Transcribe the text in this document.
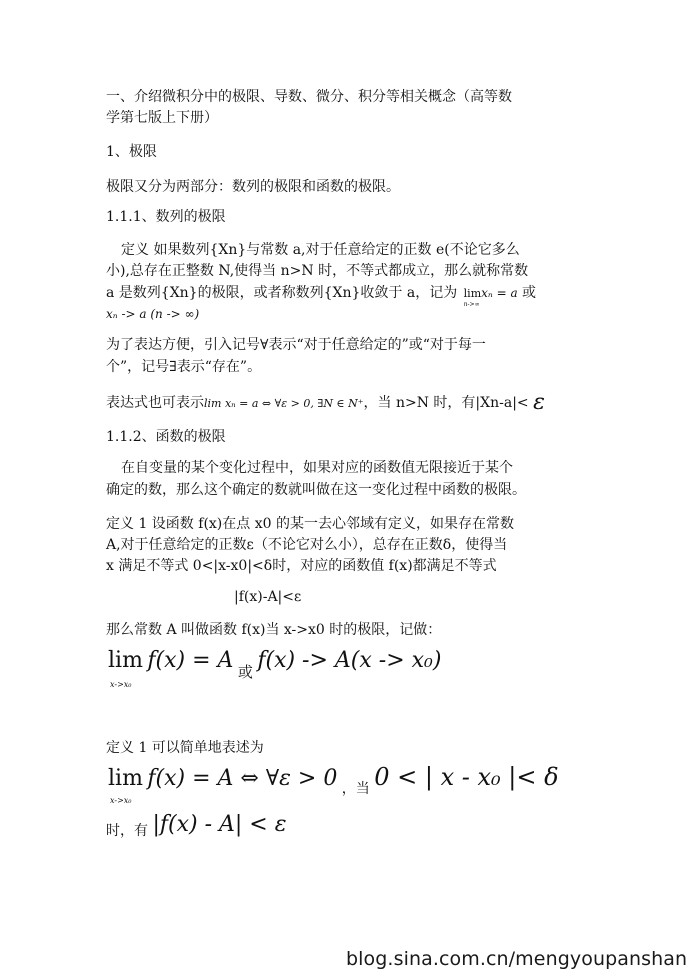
一、介绍微积分中的极限、导数、微分、积分等相关概念（高等数
学第七版上下册）
1、极限
极限又分为两部分：数列的极限和函数的极限。
1.1.1、数列的极限
定义 如果数列{Xn}与常数 a,对于任意给定的正数 e(不论它多么
小),总存在正整数 N,使得当 n>N 时，不等式都成立，那么就称常数
a 是数列{Xn}的极限，或者称数列{Xn}收敛于 a，记为 lim
n->∞
xₙ = a 或
xₙ -> a (n -> ∞)
为了表达方便，引入记号∀表示“对于任意给定的”或“对于每一
个”，记号∃表示“存在”。
表达式也可表示lim xₙ = a ⇔ ∀ε > 0, ∃N ∈ N⁺，当 n>N 时，有|Xn-a|< ε
1.1.2、函数的极限
在自变量的某个变化过程中，如果对应的函数值无限接近于某个
确定的数，那么这个确定的数就叫做在这一变化过程中函数的极限。
定义 1 设函数 f(x)在点 x0 的某一去心邻域有定义，如果存在常数
A,对于任意给定的正数ε（不论它对么小），总存在正数δ，使得当
x 满足不等式 0<|x-x0|<δ时，对应的函数值 f(x)都满足不等式
|f(x)-A|<ε
那么常数 A 叫做函数 f(x)当 x->x0 时的极限，记做：
lim
x->x₀
f(x) = A 或 f(x) -> A(x -> x₀)
定义 1 可以简单地表述为
lim
x->x₀
f(x) = A ⇔ ∀ε > 0 ，当 0 < | x - x₀ |< δ
时，有 |f(x) - A| < ε
blog.sina.com.cn/mengyoupanshan
